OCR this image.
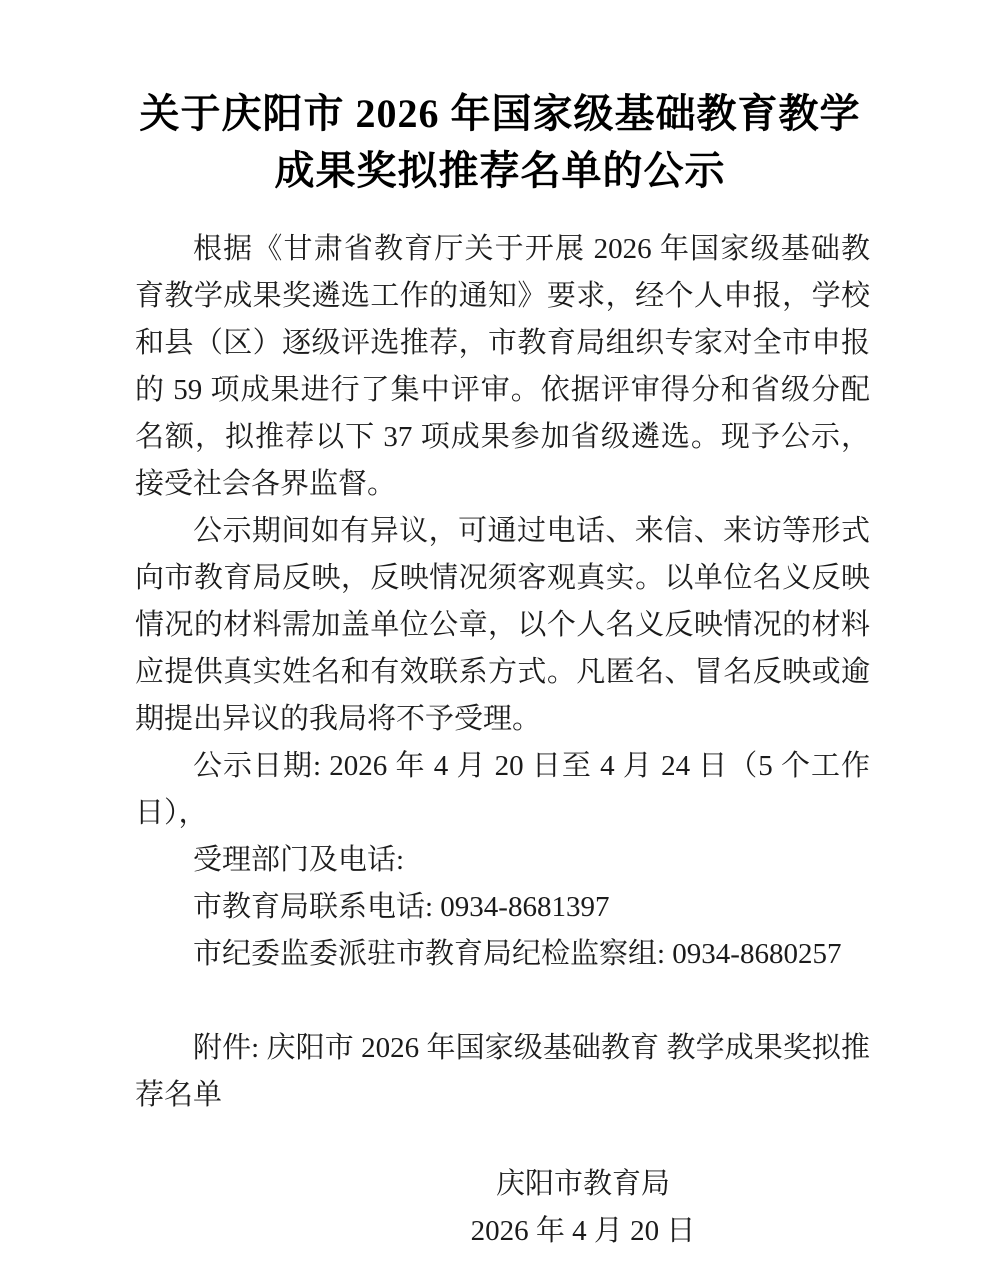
关于庆阳市 2026 年国家级基础教育教学
成果奖拟推荐名单的公示

根据《甘肃省教育厅关于开展 2026 年国家级基础教育教学成果奖遴选工作的通知》要求，经个人申报，学校和县（区）逐级评选推荐，市教育局组织专家对全市申报的 59 项成果进行了集中评审。依据评审得分和省级分配名额，拟推荐以下 37 项成果参加省级遴选。现予公示，接受社会各界监督。

公示期间如有异议，可通过电话、来信、来访等形式向市教育局反映，反映情况须客观真实。以单位名义反映情况的材料需加盖单位公章，以个人名义反映情况的材料应提供真实姓名和有效联系方式。凡匿名、冒名反映或逾期提出异议的我局将不予受理。

公示日期: 2026 年 4 月 20 日至 4 月 24 日（5 个工作日），

受理部门及电话:

市教育局联系电话: 0934-8681397

市纪委监委派驻市教育局纪检监察组: 0934-8680257

附件: 庆阳市 2026 年国家级基础教育 教学成果奖拟推荐名单

庆阳市教育局
2026 年 4 月 20 日
